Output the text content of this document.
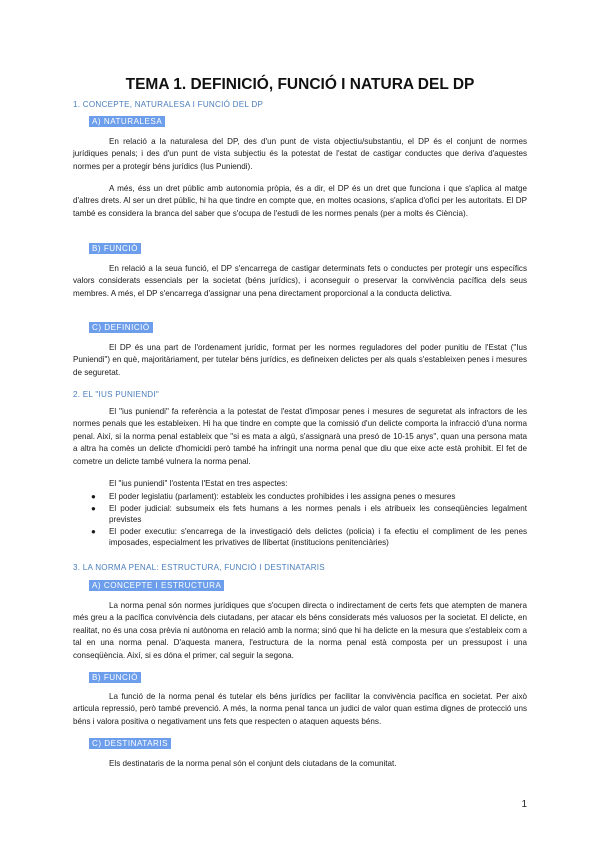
TEMA 1. DEFINICIÓ, FUNCIÓ I NATURA DEL DP

1. CONCEPTE, NATURALESA I FUNCIÓ DEL DP

A) NATURALESA

En relació a la naturalesa del DP, des d'un punt de vista objectiu/substantiu, el DP és el conjunt de normes jurídiques penals; i des d'un punt de vista subjectiu és la potestat de l'estat de castigar conductes que deriva d'aquestes normes per a protegir béns jurídics (Ius Puniendi).

A més, éss un dret públic amb autonomia pròpia, és a dir, el DP és un dret que funciona i que s'aplica al matge d'altres drets. Al ser un dret públic, hi ha que tindre en compte que, en moltes ocasions, s'aplica d'ofici per les autoritats. El DP també es considera la branca del saber que s'ocupa de l'estudi de les normes penals (per a molts és Ciència).

B) FUNCIÓ

En relació a la seua funció, el DP s'encarrega de castigar determinats fets o conductes per protegir uns específics valors considerats essencials per la societat (béns jurídics), i aconseguir o preservar la convivència pacífica dels seus membres. A més, el DP s'encarrega d'assignar una pena directament proporcional a la conducta delictiva.

C) DEFINICIÓ

El DP és una part de l'ordenament jurídic, format per les normes reguladores del poder punitiu de l'Estat ("Ius Puniendi") en què, majoritàriament, per tutelar béns jurídics, es defineixen delictes per als quals s'estableixen penes i mesures de seguretat.

2. EL "IUS PUNIENDI"

El "ius puniendi" fa referència a la potestat de l'estat d'imposar penes i mesures de seguretat als infractors de les normes penals que les estableixen. Hi ha que tindre en compte que la comissió d'un delicte comporta la infracció d'una norma penal. Així, si la norma penal estableix que "si es mata a algú, s'assignarà una presó de 10-15 anys", quan una persona mata a altra ha comès un delicte d'homicidi però també ha infringit una norma penal que diu que eixe acte està prohibit. El fet de cometre un delicte també vulnera la norma penal.

El "ius puniendi" l'ostenta l'Estat en tres aspectes:

● El poder legislatiu (parlament): estableix les conductes prohibides i les assigna penes o mesures
● El poder judicial: subsumeix els fets humans a les normes penals i els atribueix les conseqüències legalment previstes
● El poder executiu: s'encarrega de la investigació dels delictes (policia) i fa efectiu el compliment de les penes imposades, especialment les privatives de llibertat (institucions penitenciàries)

3. LA NORMA PENAL: ESTRUCTURA, FUNCIÓ I DESTINATARIS

A) CONCEPTE I ESTRUCTURA

La norma penal són normes jurídiques que s'ocupen directa o indirectament de certs fets que atempten de manera més greu a la pacífica convivència dels ciutadans, per atacar els béns considerats més valuosos per la societat. El delicte, en realitat, no és una cosa prèvia ni autònoma en relació amb la norma; sinó que hi ha delicte en la mesura que s'estableix com a tal en una norma penal. D'aquesta manera, l'estructura de la norma penal està composta per un pressupost i una conseqüència. Així, si es dóna el primer, cal seguir la segona.

B) FUNCIÓ

La funció de la norma penal és tutelar els béns jurídics per facilitar la convivència pacífica en societat. Per això articula repressió, però també prevenció. A més, la norma penal tanca un judici de valor quan estima dignes de protecció uns béns i valora positiva o negativament uns fets que respecten o ataquen aquests béns.

C) DESTINATARIS

Els destinataris de la norma penal són el conjunt dels ciutadans de la comunitat.

1
